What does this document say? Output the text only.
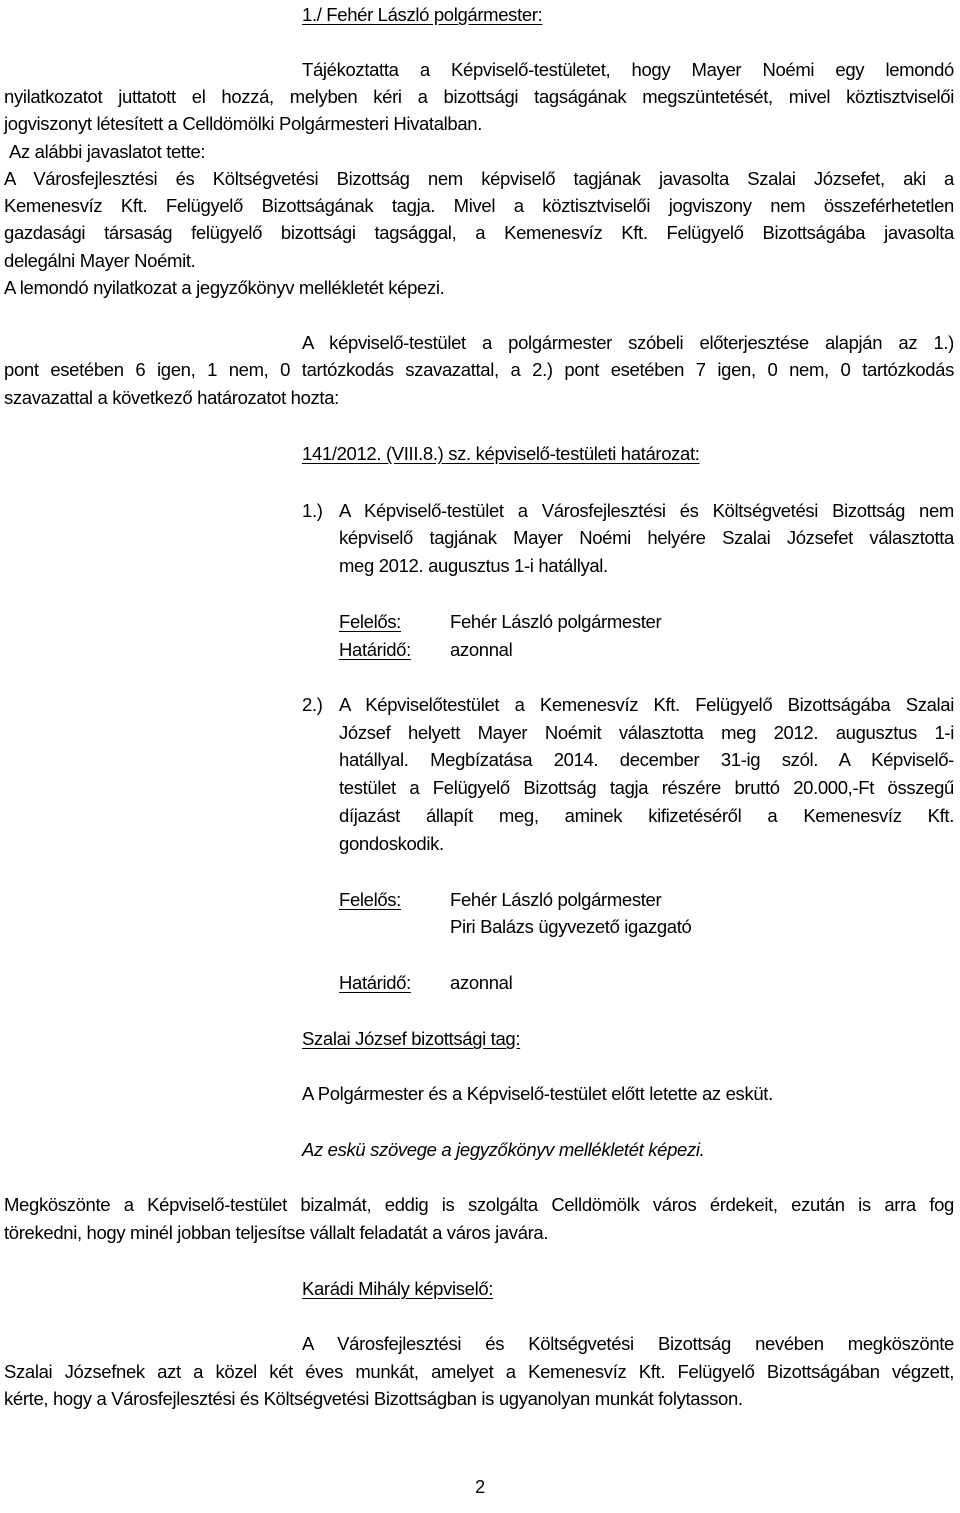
1./ Fehér László polgármester:
Tájékoztatta a Képviselő-testületet, hogy Mayer Noémi egy lemondó
nyilatkozatot juttatott el hozzá, melyben kéri a bizottsági tagságának megszüntetését, mivel köztisztviselői
jogviszonyt létesített a Celldömölki Polgármesteri Hivatalban.
Az alábbi javaslatot tette:
A Városfejlesztési és Költségvetési Bizottság nem képviselő tagjának javasolta Szalai Józsefet, aki a
Kemenesvíz Kft. Felügyelő Bizottságának tagja. Mivel a köztisztviselői jogviszony nem összeférhetetlen
gazdasági társaság felügyelő bizottsági tagsággal, a Kemenesvíz Kft. Felügyelő Bizottságába javasolta
delegálni Mayer Noémit.
A lemondó nyilatkozat a jegyzőkönyv mellékletét képezi.
A képviselő-testület a polgármester szóbeli előterjesztése alapján az 1.)
pont esetében 6 igen, 1 nem, 0 tartózkodás szavazattal, a 2.) pont esetében 7 igen, 0 nem, 0 tartózkodás
szavazattal a következő határozatot hozta:
141/2012. (VIII.8.) sz. képviselő-testületi határozat:
1.) A Képviselő-testület a Városfejlesztési és Költségvetési Bizottság nem
képviselő tagjának Mayer Noémi helyére Szalai Józsefet választotta
meg 2012. augusztus 1-i hatállyal.
Felelős:	Fehér László polgármester
Határidő: azonnal
2.) A Képviselőtestület a Kemenesvíz Kft. Felügyelő Bizottságába Szalai
József helyett Mayer Noémit választotta meg 2012. augusztus 1-i
hatállyal. Megbízatása 2014. december 31-ig szól. A Képviselő-
testület a Felügyelő Bizottság tagja részére bruttó 20.000,-Ft összegű
díjazást állapít meg, aminek kifizetéséről a Kemenesvíz Kft.
gondoskodik.
Felelős:	Fehér László polgármester
Piri Balázs ügyvezető igazgató
Határidő: azonnal
Szalai József bizottsági tag:
A Polgármester és a Képviselő-testület előtt letette az esküt.
Az eskü szövege a jegyzőkönyv mellékletét képezi.
Megköszönte a Képviselő-testület bizalmát, eddig is szolgálta Celldömölk város érdekeit, ezután is arra fog
törekedni, hogy minél jobban teljesítse vállalt feladatát a város javára.
Karádi Mihály képviselő:
A Városfejlesztési és Költségvetési Bizottság nevében megköszönte
Szalai Józsefnek azt a közel két éves munkát, amelyet a Kemenesvíz Kft. Felügyelő Bizottságában végzett,
kérte, hogy a Városfejlesztési és Költségvetési Bizottságban is ugyanolyan munkát folytasson.
2
